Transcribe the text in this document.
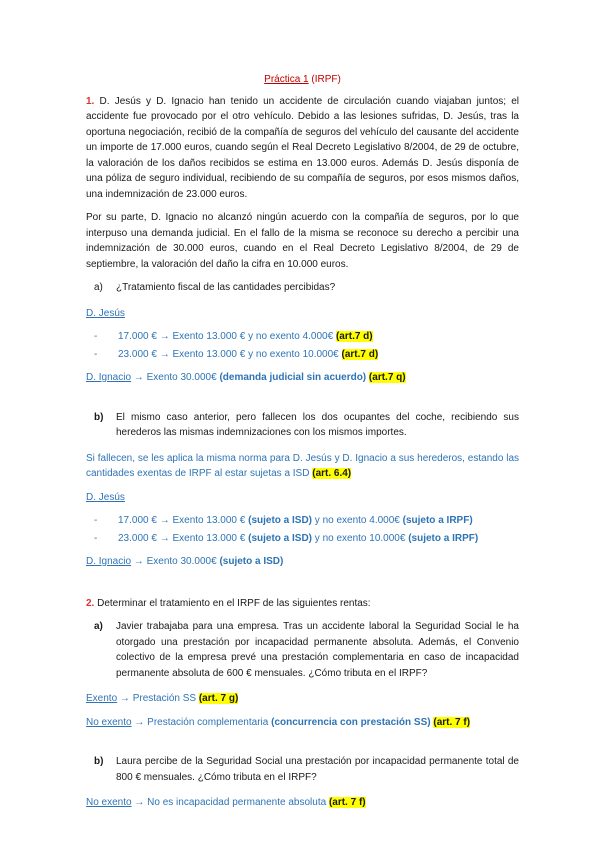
Práctica 1 (IRPF)
1. D. Jesús y D. Ignacio han tenido un accidente de circulación cuando viajaban juntos; el accidente fue provocado por el otro vehículo. Debido a las lesiones sufridas, D. Jesús, tras la oportuna negociación, recibió de la compañía de seguros del vehículo del causante del accidente un importe de 17.000 euros, cuando según el Real Decreto Legislativo 8/2004, de 29 de octubre, la valoración de los daños recibidos se estima en 13.000 euros. Además D. Jesús disponía de una póliza de seguro individual, recibiendo de su compañía de seguros, por esos mismos daños, una indemnización de 23.000 euros.
Por su parte, D. Ignacio no alcanzó ningún acuerdo con la compañía de seguros, por lo que interpuso una demanda judicial. En el fallo de la misma se reconoce su derecho a percibir una indemnización de 30.000 euros, cuando en el Real Decreto Legislativo 8/2004, de 29 de septiembre, la valoración del daño la cifra en 10.000 euros.
a)	¿Tratamiento fiscal de las cantidades percibidas?
D. Jesús
-	17.000 € → Exento 13.000 € y no exento 4.000€ (art.7 d)
-	23.000 € → Exento 13.000 € y no exento 10.000€ (art.7 d)
D. Ignacio → Exento 30.000€ (demanda judicial sin acuerdo) (art.7 q)
b)	El mismo caso anterior, pero fallecen los dos ocupantes del coche, recibiendo sus herederos las mismas indemnizaciones con los mismos importes.
Si fallecen, se les aplica la misma norma para D. Jesús y D. Ignacio a sus herederos, estando las cantidades exentas de IRPF al estar sujetas a ISD (art. 6.4)
D. Jesús
-	17.000 € → Exento 13.000 € (sujeto a ISD) y no exento 4.000€ (sujeto a IRPF)
-	23.000 € → Exento 13.000 € (sujeto a ISD) y no exento 10.000€ (sujeto a IRPF)
D. Ignacio → Exento 30.000€ (sujeto a ISD)
2. Determinar el tratamiento en el IRPF de las siguientes rentas:
a)	Javier trabajaba para una empresa. Tras un accidente laboral la Seguridad Social le ha otorgado una prestación por incapacidad permanente absoluta. Además, el Convenio colectivo de la empresa prevé una prestación complementaria en caso de incapacidad permanente absoluta de 600 € mensuales. ¿Cómo tributa en el IRPF?
Exento → Prestación SS (art. 7 g)
No exento → Prestación complementaria (concurrencia con prestación SS) (art. 7 f)
b)	Laura percibe de la Seguridad Social una prestación por incapacidad permanente total de 800 € mensuales. ¿Cómo tributa en el IRPF?
No exento → No es incapacidad permanente absoluta (art. 7 f)
